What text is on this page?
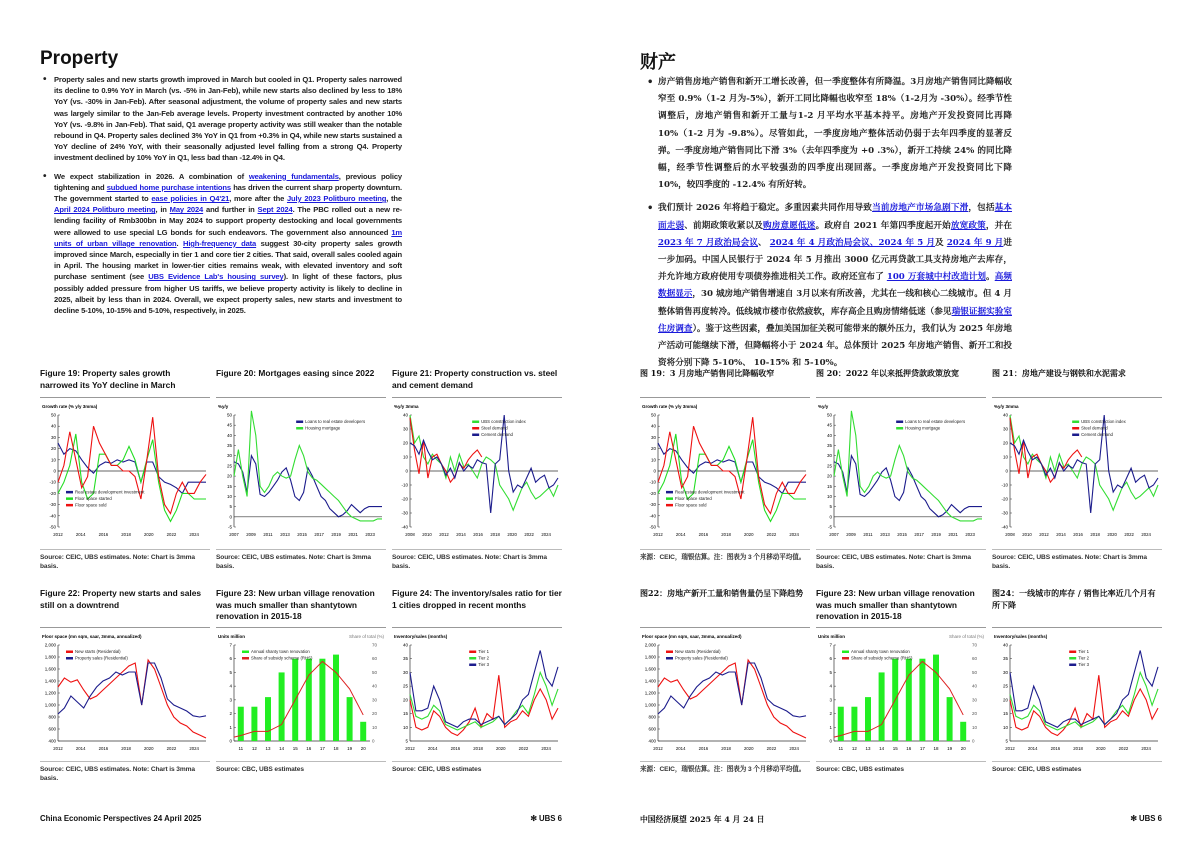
Property
• Property sales and new starts growth improved in March but cooled in Q1. Property sales narrowed its decline to 0.9% YoY in March (vs. -5% in Jan-Feb), while new starts also declined by less to 18% YoY (vs. -30% in Jan-Feb). After seasonal adjustment, the volume of property sales and new starts was largely similar to the Jan-Feb average levels. Property investment contracted by another 10% YoY (vs. -9.8% in Jan-Feb). That said, Q1 average property activity was still weaker than the notable rebound in Q4. Property sales declined 3% YoY in Q1 from +0.3% in Q4, while new starts sustained a YoY decline of 24% YoY, with their seasonally adjusted level falling from a strong Q4. Property investment declined by 10% YoY in Q1, less bad than -12.4% in Q4.
• We expect stabilization in 2026. A combination of weakening fundamentals, previous policy tightening and subdued home purchase intentions has driven the current sharp property downturn. The government started to ease policies in Q4'21, more after the July 2023 Politburo meeting, the April 2024 Politburo meeting, in May 2024 and further in Sept 2024. The PBC rolled out a new re-lending facility of Rmb300bn in May 2024 to support property destocking and local governments were allowed to use special LG bonds for such endeavors. The government also announced 1m units of urban village renovation. High-frequency data suggest 30-city property sales growth improved since March, especially in tier 1 and core tier 2 cities. That said, overall sales cooled again in April. The housing market in lower-tier cities remains weak, with elevated inventory and soft purchase sentiment (see UBS Evidence Lab's housing survey). In light of these factors, plus possibly added pressure from higher US tariffs, we believe property activity is likely to decline in 2025, albeit by less than in 2024. Overall, we expect property sales, new starts and investment to decline 5-10%, 10-15% and 5-10%, respectively, in 2025.
Figure 19: Property sales growth narrowed its YoY decline in March
Growth rate (% y/y 3mma)
50
40
30
20
10
0
-10
-20
-30
-40
-50
2012	2014	2016	2018	2020	2022	2024
Real estate development investment
Floor space started
Floor space sold
Source: CEIC, UBS estimates. Note: Chart is 3mma basis.
Figure 20: Mortgages easing since 2022
%y/y
50
45
40
35
30
25
20
15
10
5
0
-5
2007 2009 2011 2013 2015 2017 2019 2021 2023
Loans to real estate developers
Housing mortgage
Source: CEIC, UBS estimates. Note: Chart is 3mma basis.
Figure 21: Property construction vs. steel and cement demand
%y/y 3mma
40
30
20
10
0
-10
-20
-30
-40
2008 2010 2012 2014 2016 2018 2020 2022 2024
UBS construction index
Steel demand
Cement demand
Source: CEIC, UBS estimates. Note: Chart is 3mma basis.
Figure 22: Property new starts and sales still on a downtrend
Floor space (mn sqm, saar, 3mma, annualized)
2,000
1,800
1,600
1,400
1,200
1,000
800
600
400
2012	2014	2016	2018	2020	2022	2024
New starts (Residential)
Property sales (Residential)
Source: CEIC, UBS estimates. Note: Chart is 3mma basis.
Figure 23: New urban village renovation was much smaller than shantytown renovation in 2015-18
Units million	Share of total (%)
7
6
5
4
3
2
1
0
70
60
50
40
30
20
10
0
11 12 13 14 15 16 17 18 19 20
Annual shanty town renovation
Share of subsidy scheme (RHS)
Source: CBC, UBS estimates
Figure 24: The inventory/sales ratio for tier 1 cities dropped in recent months
Inventory/sales (months)
40
35
30
25
20
15
10
5
2012	2014	2016	2018	2020	2022	2024
Tier 1
Tier 2
Tier 3
Source: CEIC, UBS estimates
China Economic Perspectives 24 April 2025	✻ UBS 6
财产
• 房产销售房地产销售和新开工增长改善，但一季度整体有所降温。3月房地产销售同比降幅收窄至 0.9%（1-2 月为-5%），新开工同比降幅也收窄至 18%（1-2月为 -30%）。经季节性调整后，房地产销售和新开工量与1-2 月平均水平基本持平。房地产开发投资同比再降 10%（1-2 月为 -9.8%）。尽管如此，一季度房地产整体活动仍弱于去年四季度的显著反弹。一季度房地产销售同比下滑 3%（去年四季度为 +0 .3%），新开工持续 24% 的同比降幅，经季节性调整后的水平较强劲的四季度出现回落。一季度房地产开发投资同比下降 10%，较四季度的 -12.4% 有所好转。
• 我们预计 2026 年将趋于稳定。多重因素共同作用导致当前房地产市场急剧下滑，包括基本面走弱、前期政策收紧以及购房意愿低迷。政府自 2021 年第四季度起开始放宽政策，并在 2023 年 7 月政治局会议、 2024 年 4 月政治局会议、2024 年 5 月及 2024 年 9 月进一步加码。中国人民银行于 2024 年 5 月推出 3000 亿元再贷款工具支持房地产去库存，并允许地方政府使用专项债券推进相关工作。政府还宣布了 100 万套城中村改造计划。高频数据显示，30 城房地产销售增速自 3月以来有所改善，尤其在一线和核心二线城市。但 4 月整体销售再度转冷。低线城市楼市依然疲软，库存高企且购房情绪低迷（参见瑞银证据实验室住房调查）。鉴于这些因素，叠加美国加征关税可能带来的额外压力，我们认为 2025 年房地产活动可能继续下滑，但降幅将小于 2024 年。总体预计 2025 年房地产销售、新开工和投资将分别下降 5-10%、 10-15% 和 5-10%。
图 19：3 月房地产销售同比降幅收窄
Growth rate (% y/y 3mma)
50
40
30
20
10
0
-10
-20
-30
-40
-50
2012	2014	2016	2018	2020	2022	2024
Real estate development investment
Floor space started
Floor space sold
来源：CEIC，瑞银估算。注：图表为 3 个月移动平均值。
图 20：2022 年以来抵押贷款政策放宽
%y/y
50
45
40
35
30
25
20
15
10
5
0
-5
2007 2009 2011 2013 2015 2017 2019 2021 2023
Loans to real estate developers
Housing mortgage
Source: CEIC, UBS estimates. Note: Chart is 3mma basis.
图 21：房地产建设与钢铁和水泥需求
%y/y 3mma
40
30
20
10
0
-10
-20
-30
-40
2008 2010 2012 2014 2016 2018 2020 2022 2024
UBS construction index
Steel demand
Cement demand
Source: CEIC, UBS estimates. Note: Chart is 3mma basis.
图22：房地产新开工量和销售量仍呈下降趋势
Floor space (mn sqm, saar, 3mma, annualized)
2,000
1,800
1,600
1,400
1,200
1,000
800
600
400
2012	2014	2016	2018	2020	2022	2024
New starts (Residential)
Property sales (Residential)
来源：CEIC，瑞银估算。注：图表为 3 个月移动平均值。
Figure 23: New urban village renovation was much smaller than shantytown renovation in 2015-18
Units million	Share of total (%)
7
6
5
4
3
2
1
0
70
60
50
40
30
20
10
0
11 12 13 14 15 16 17 18 19 20
Annual shanty town renovation
Share of subsidy scheme (RHS)
Source: CBC, UBS estimates
图24：一线城市的库存 / 销售比率近几个月有所下降
Inventory/sales (months)
40
35
30
25
20
15
10
5
2012	2014	2016	2018	2020	2022	2024
Tier 1
Tier 2
Tier 3
Source: CEIC, UBS estimates
中国经济展望 2025 年 4 月 24 日	✻ UBS 6
